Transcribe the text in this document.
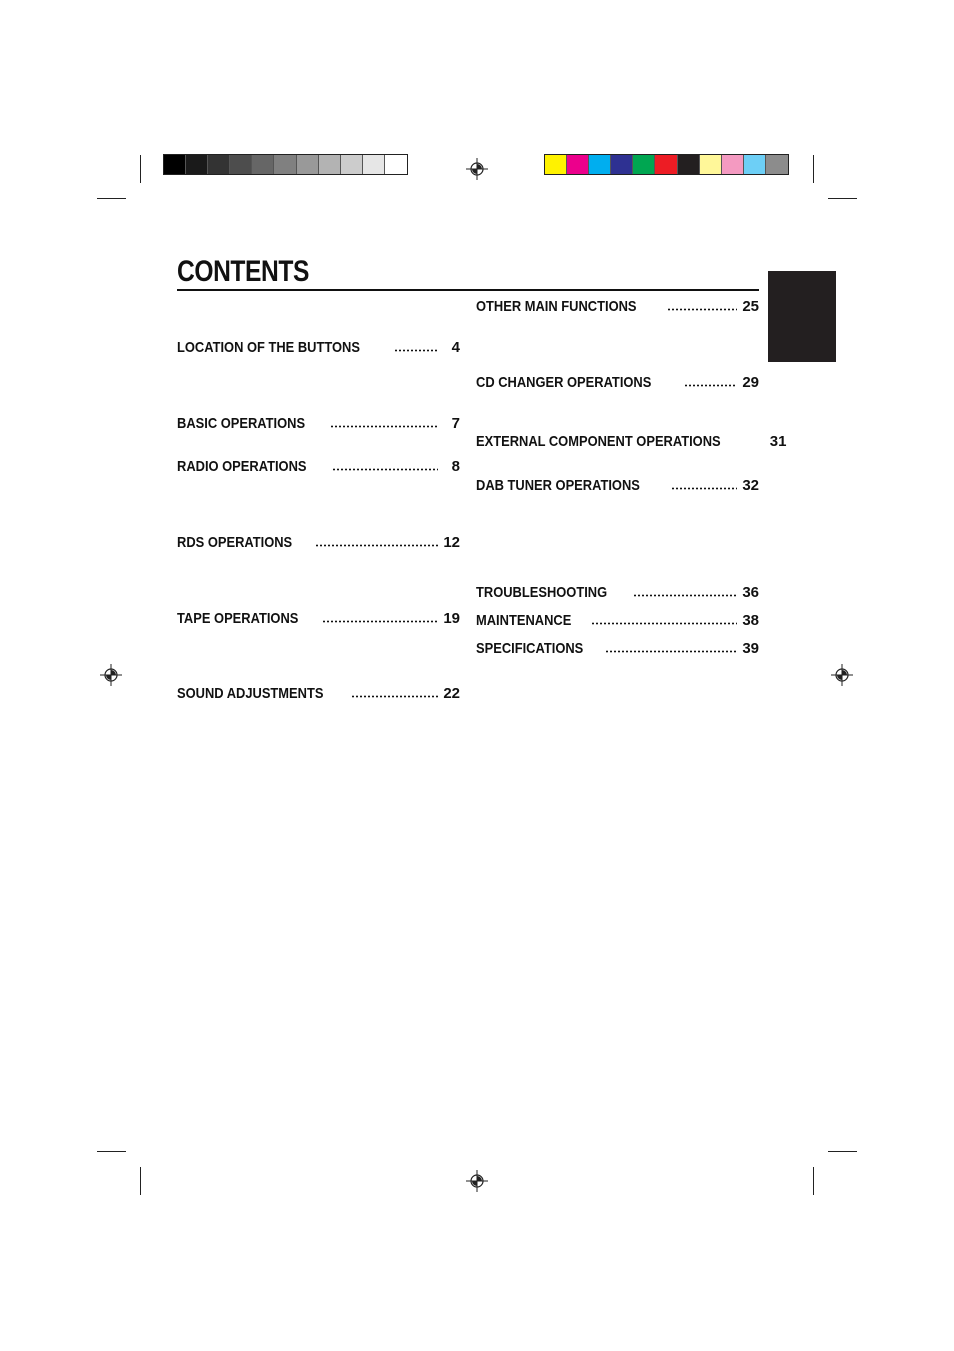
CONTENTS
LOCATION OF THE BUTTONS	4
BASIC OPERATIONS	7
RADIO OPERATIONS	8
RDS OPERATIONS	12
TAPE OPERATIONS	19
SOUND ADJUSTMENTS	22
OTHER MAIN FUNCTIONS	25
CD CHANGER OPERATIONS	29
EXTERNAL COMPONENT OPERATIONS	31
DAB TUNER OPERATIONS	32
TROUBLESHOOTING	36
MAINTENANCE	38
SPECIFICATIONS	39
